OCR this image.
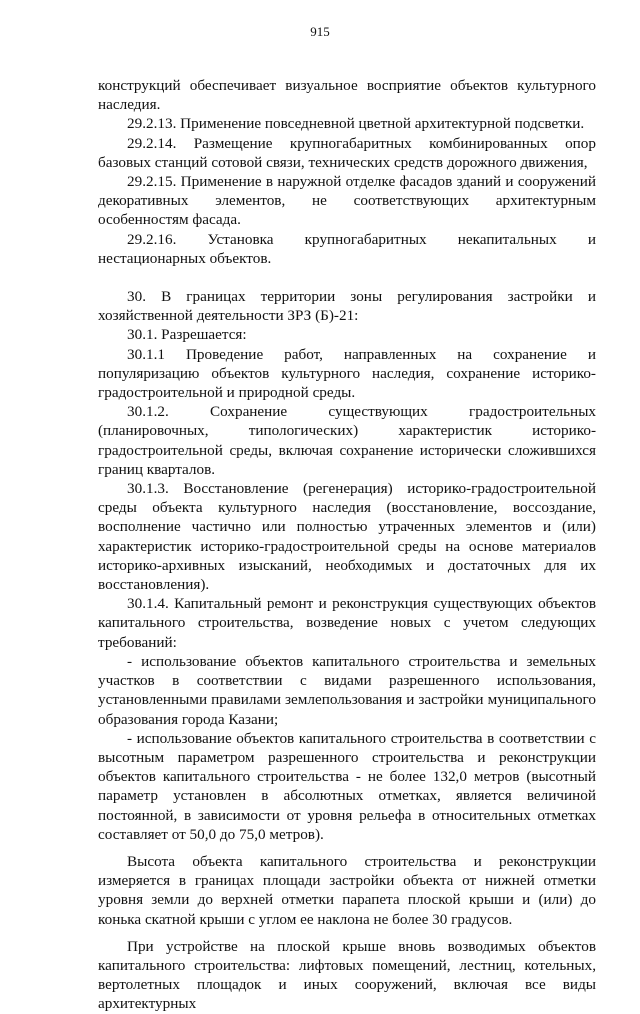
915

конструкций обеспечивает визуальное восприятие объектов культурного наследия.

29.2.13. Применение повседневной цветной архитектурной подсветки.

29.2.14. Размещение крупногабаритных комбинированных опор базовых станций сотовой связи, технических средств дорожного движения,

29.2.15. Применение в наружной отделке фасадов зданий и сооружений декоративных элементов, не соответствующих архитектурным особенностям фасада.

29.2.16. Установка крупногабаритных некапитальных и нестационарных объектов.

30. В границах территории зоны регулирования застройки и хозяйственной деятельности ЗРЗ (Б)-21:

30.1. Разрешается:

30.1.1 Проведение работ, направленных на сохранение и популяризацию объектов культурного наследия, сохранение историко-градостроительной и природной среды.

30.1.2. Сохранение существующих градостроительных (планировочных, типологических) характеристик историко-градостроительной среды, включая сохранение исторически сложившихся границ кварталов.

30.1.3. Восстановление (регенерация) историко-градостроительной среды объекта культурного наследия (восстановление, воссоздание, восполнение частично или полностью утраченных элементов и (или) характеристик историко-градостроительной среды на основе материалов историко-архивных изысканий, необходимых и достаточных для их восстановления).

30.1.4. Капитальный ремонт и реконструкция существующих объектов капитального строительства, возведение новых с учетом следующих требований:

- использование объектов капитального строительства и земельных участков в соответствии с видами разрешенного использования, установленными правилами землепользования и застройки муниципального образования города Казани;

- использование объектов капитального строительства в соответствии с высотным параметром разрешенного строительства и реконструкции объектов капитального строительства - не более 132,0 метров (высотный параметр установлен в абсолютных отметках, является величиной постоянной, в зависимости от уровня рельефа в относительных отметках составляет от 50,0 до 75,0 метров).

Высота объекта капитального строительства и реконструкции измеряется в границах площади застройки объекта от нижней отметки уровня земли до верхней отметки парапета плоской крыши и (или) до конька скатной крыши с углом ее наклона не более 30 градусов.

При устройстве на плоской крыше вновь возводимых объектов капитального строительства: лифтовых помещений, лестниц, котельных, вертолетных площадок и иных сооружений, включая все виды архитектурных
